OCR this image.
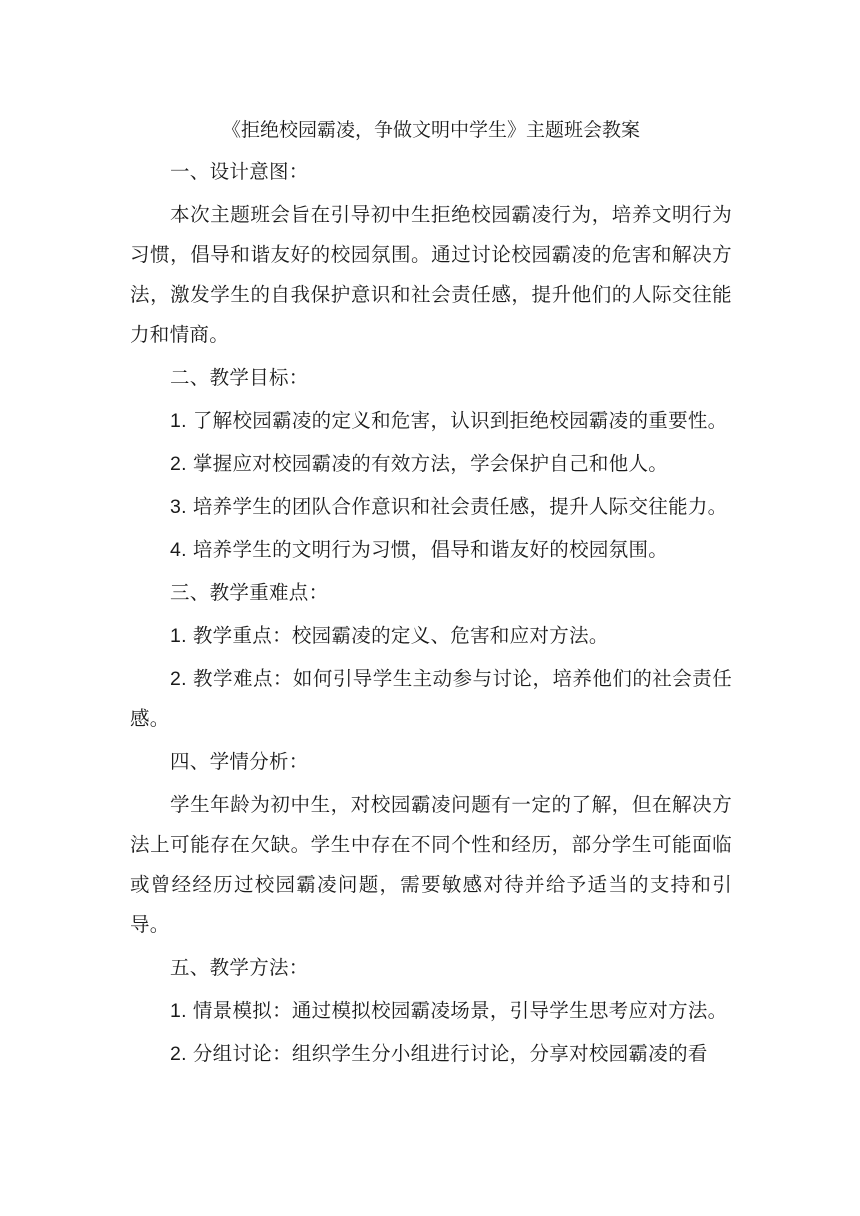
《拒绝校园霸凌，争做文明中学生》主题班会教案
一、设计意图：
本次主题班会旨在引导初中生拒绝校园霸凌行为，培养文明行为习惯，倡导和谐友好的校园氛围。通过讨论校园霸凌的危害和解决方法，激发学生的自我保护意识和社会责任感，提升他们的人际交往能力和情商。
二、教学目标：
1. 了解校园霸凌的定义和危害，认识到拒绝校园霸凌的重要性。
2. 掌握应对校园霸凌的有效方法，学会保护自己和他人。
3. 培养学生的团队合作意识和社会责任感，提升人际交往能力。
4. 培养学生的文明行为习惯，倡导和谐友好的校园氛围。
三、教学重难点：
1. 教学重点：校园霸凌的定义、危害和应对方法。
2. 教学难点：如何引导学生主动参与讨论，培养他们的社会责任感。
四、学情分析：
学生年龄为初中生，对校园霸凌问题有一定的了解，但在解决方法上可能存在欠缺。学生中存在不同个性和经历，部分学生可能面临或曾经经历过校园霸凌问题，需要敏感对待并给予适当的支持和引导。
五、教学方法：
1. 情景模拟：通过模拟校园霸凌场景，引导学生思考应对方法。
2. 分组讨论：组织学生分小组进行讨论，分享对校园霸凌的看
